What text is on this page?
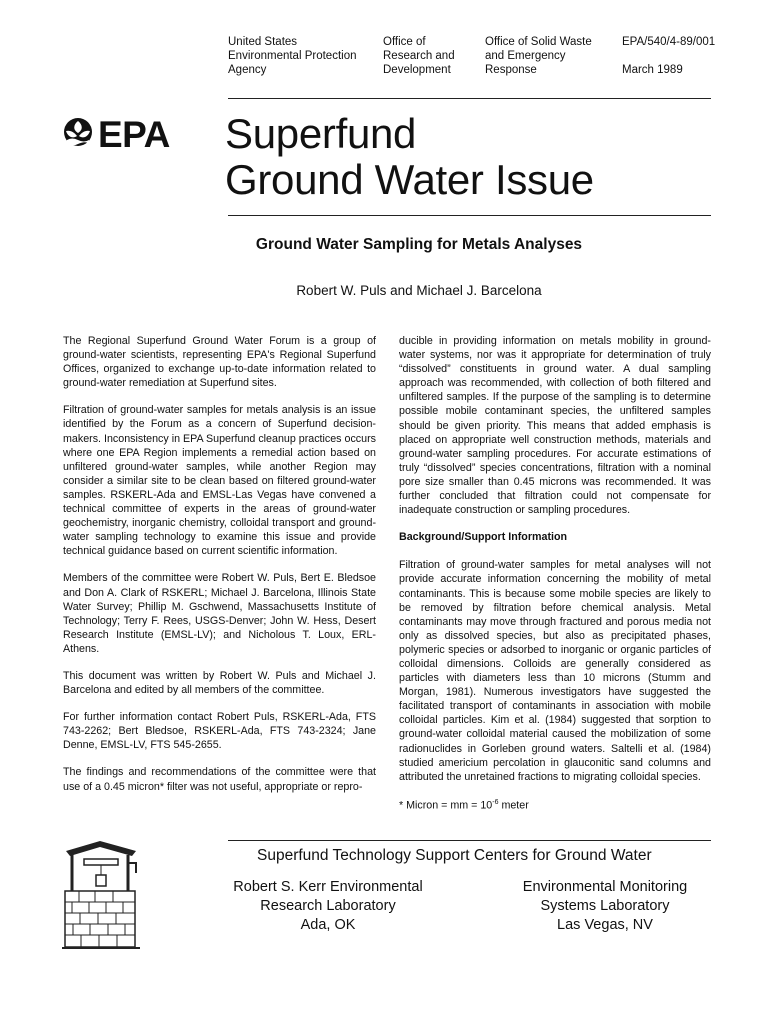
United States
Environmental Protection
Agency
Office of
Research and
Development
Office of Solid Waste
and Emergency
Response
EPA/540/4-89/001
March 1989
EPA Superfund
Ground Water Issue
Ground Water Sampling for Metals Analyses
Robert W. Puls and Michael J. Barcelona

The Regional Superfund Ground Water Forum is a group of ground-water scientists, representing EPA's Regional Superfund Offices, organized to exchange up-to-date information related to ground-water remediation at Superfund sites.

Filtration of ground-water samples for metals analysis is an issue identified by the Forum as a concern of Superfund decision-makers. Inconsistency in EPA Superfund cleanup practices occurs where one EPA Region implements a remedial action based on unfiltered ground-water samples, while another Region may consider a similar site to be clean based on filtered ground-water samples. RSKERL-Ada and EMSL-Las Vegas have convened a technical committee of experts in the areas of ground-water geochemistry, inorganic chemistry, colloidal transport and ground-water sampling technology to examine this issue and provide technical guidance based on current scientific information.

Members of the committee were Robert W. Puls, Bert E. Bledsoe and Don A. Clark of RSKERL; Michael J. Barcelona, Illinois State Water Survey; Phillip M. Gschwend, Massachusetts Institute of Technology; Terry F. Rees, USGS-Denver; John W. Hess, Desert Research Institute (EMSL-LV); and Nicholous T. Loux, ERL-Athens.

This document was written by Robert W. Puls and Michael J. Barcelona and edited by all members of the committee.

For further information contact Robert Puls, RSKERL-Ada, FTS 743-2262; Bert Bledsoe, RSKERL-Ada, FTS 743-2324; Jane Denne, EMSL-LV, FTS 545-2655.

The findings and recommendations of the committee were that use of a 0.45 micron* filter was not useful, appropriate or repro-

ducible in providing information on metals mobility in ground-water systems, nor was it appropriate for determination of truly “dissolved” constituents in ground water. A dual sampling approach was recommended, with collection of both filtered and unfiltered samples. If the purpose of the sampling is to determine possible mobile contaminant species, the unfiltered samples should be given priority. This means that added emphasis is placed on appropriate well construction methods, materials and ground-water sampling procedures. For accurate estimations of truly “dissolved” species concentrations, filtration with a nominal pore size smaller than 0.45 microns was recommended. It was further concluded that filtration could not compensate for inadequate construction or sampling procedures.

Background/Support Information

Filtration of ground-water samples for metal analyses will not provide accurate information concerning the mobility of metal contaminants. This is because some mobile species are likely to be removed by filtration before chemical analysis. Metal contaminants may move through fractured and porous media not only as dissolved species, but also as precipitated phases, polymeric species or adsorbed to inorganic or organic particles of colloidal dimensions. Colloids are generally considered as particles with diameters less than 10 microns (Stumm and Morgan, 1981). Numerous investigators have suggested the facilitated transport of contaminants in association with mobile colloidal particles. Kim et al. (1984) suggested that sorption to ground-water colloidal material caused the mobilization of some radionuclides in Gorleben ground waters. Saltelli et al. (1984) studied americium percolation in glauconitic sand columns and attributed the unretained fractions to migrating colloidal species.

* Micron = mm = $10^{-6}$ meter
Superfund Technology Support Centers for Ground Water
Robert S. Kerr Environmental
Research Laboratory
Ada, OK
Environmental Monitoring
Systems Laboratory
Las Vegas, NV
